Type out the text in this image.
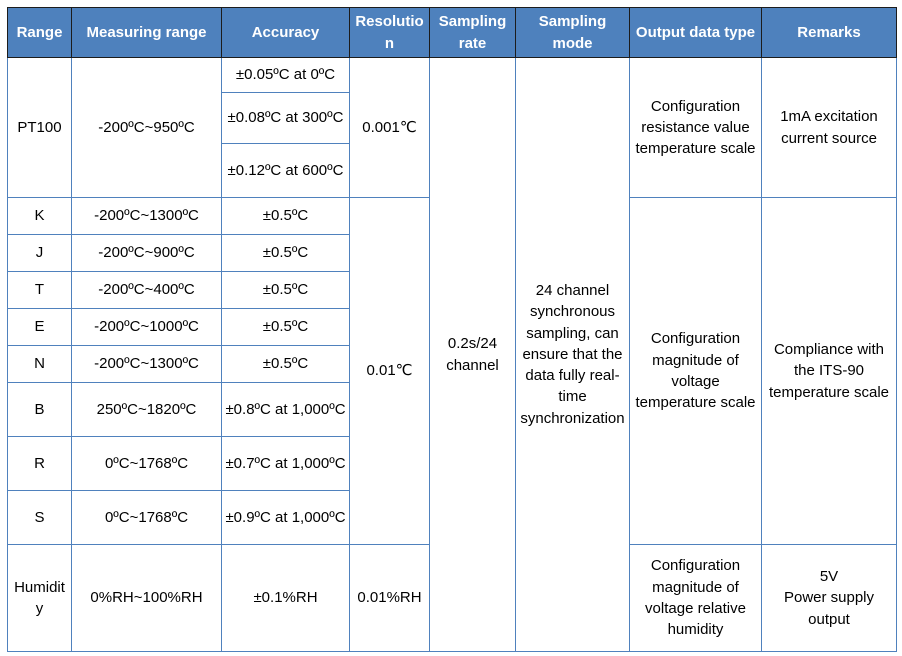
Range	Measuring range	Accuracy	Resolution	Sampling rate	Sampling mode	Output data type	Remarks
PT100	-200ºC~950ºC	±0.05ºC at 0ºC	0.001℃	0.2s/24 channel	24 channel synchronous sampling, can ensure that the data fully real-time synchronization	Configuration resistance value temperature scale	1mA excitation current source
		±0.08ºC at 300ºC					
		±0.12ºC at 600ºC					
K	-200ºC~1300ºC	±0.5ºC	0.01℃			Configuration magnitude of voltage temperature scale	Compliance with the ITS-90 temperature scale
J	-200ºC~900ºC	±0.5ºC					
T	-200ºC~400ºC	±0.5ºC					
E	-200ºC~1000ºC	±0.5ºC					
N	-200ºC~1300ºC	±0.5ºC					
B	250ºC~1820ºC	±0.8ºC at 1,000ºC					
R	0ºC~1768ºC	±0.7ºC at 1,000ºC					
S	0ºC~1768ºC	±0.9ºC at 1,000ºC					
Humidity	0%RH~100%RH	±0.1%RH	0.01%RH			Configuration magnitude of voltage relative humidity	5V
Power supply output
